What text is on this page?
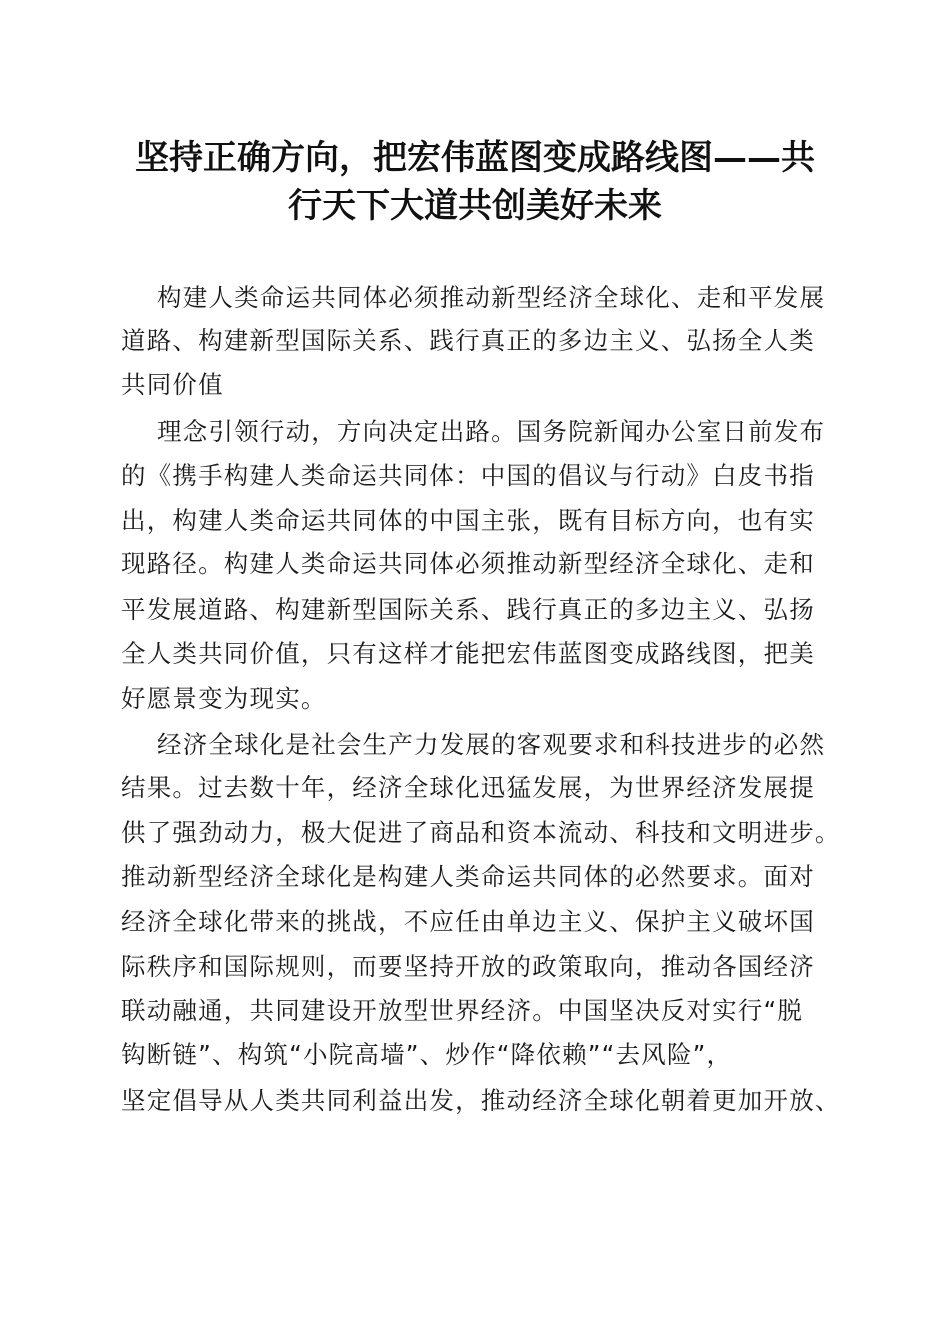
坚持正确方向，把宏伟蓝图变成路线图——共
行天下大道共创美好未来
构建人类命运共同体必须推动新型经济全球化、走和平发展
道路、构建新型国际关系、践行真正的多边主义、弘扬全人类
共同价值
理念引领行动，方向决定出路。国务院新闻办公室日前发布
的《携手构建人类命运共同体：中国的倡议与行动》白皮书指
出，构建人类命运共同体的中国主张，既有目标方向，也有实
现路径。构建人类命运共同体必须推动新型经济全球化、走和
平发展道路、构建新型国际关系、践行真正的多边主义、弘扬
全人类共同价值，只有这样才能把宏伟蓝图变成路线图，把美
好愿景变为现实。
经济全球化是社会生产力发展的客观要求和科技进步的必然
结果。过去数十年，经济全球化迅猛发展，为世界经济发展提
供了强劲动力，极大促进了商品和资本流动、科技和文明进步。
推动新型经济全球化是构建人类命运共同体的必然要求。面对
经济全球化带来的挑战，不应任由单边主义、保护主义破坏国
际秩序和国际规则，而要坚持开放的政策取向，推动各国经济
联动融通，共同建设开放型世界经济。中国坚决反对实行“脱
钩断链”、构筑“小院高墙”、炒作“降依赖”“去风险”，
坚定倡导从人类共同利益出发，推动经济全球化朝着更加开放、
